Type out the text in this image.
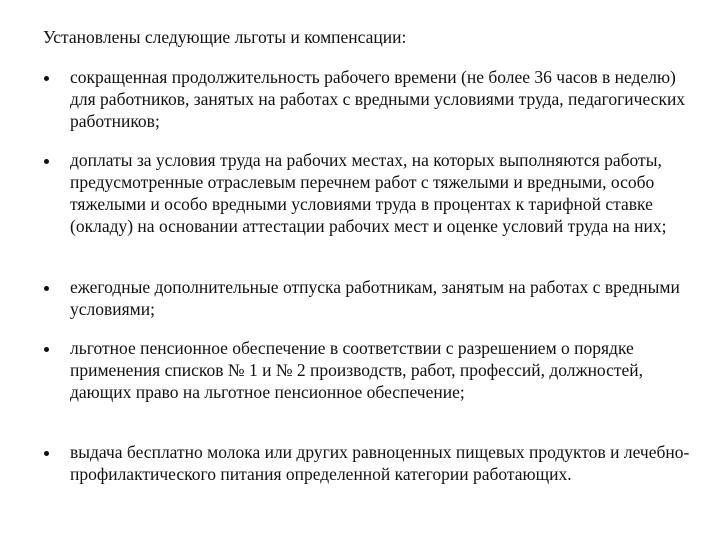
Установлены следующие льготы и компенсации:

сокращенная продолжительность рабочего времени (не более 36 часов в неделю) для работников, занятых на работах с вредными условиями труда, педагогических работников;

доплаты за условия труда на рабочих местах, на которых выполняются работы, предусмотренные отраслевым перечнем работ с тяжелыми и вредными, особо тяжелыми и особо вредными условиями труда в процентах к тарифной ставке (окладу) на основании аттестации рабочих мест и оценке условий труда на них;

ежегодные дополнительные отпуска работникам, занятым на работах с вредными условиями;

льготное пенсионное обеспечение в соответствии с разрешением о порядке применения списков № 1 и № 2 производств, работ, профессий, должностей, дающих право на льготное пенсионное обеспечение;

выдача бесплатно молока или других равноценных пищевых продуктов и лечебно-профилактического питания определенной категории работающих.
